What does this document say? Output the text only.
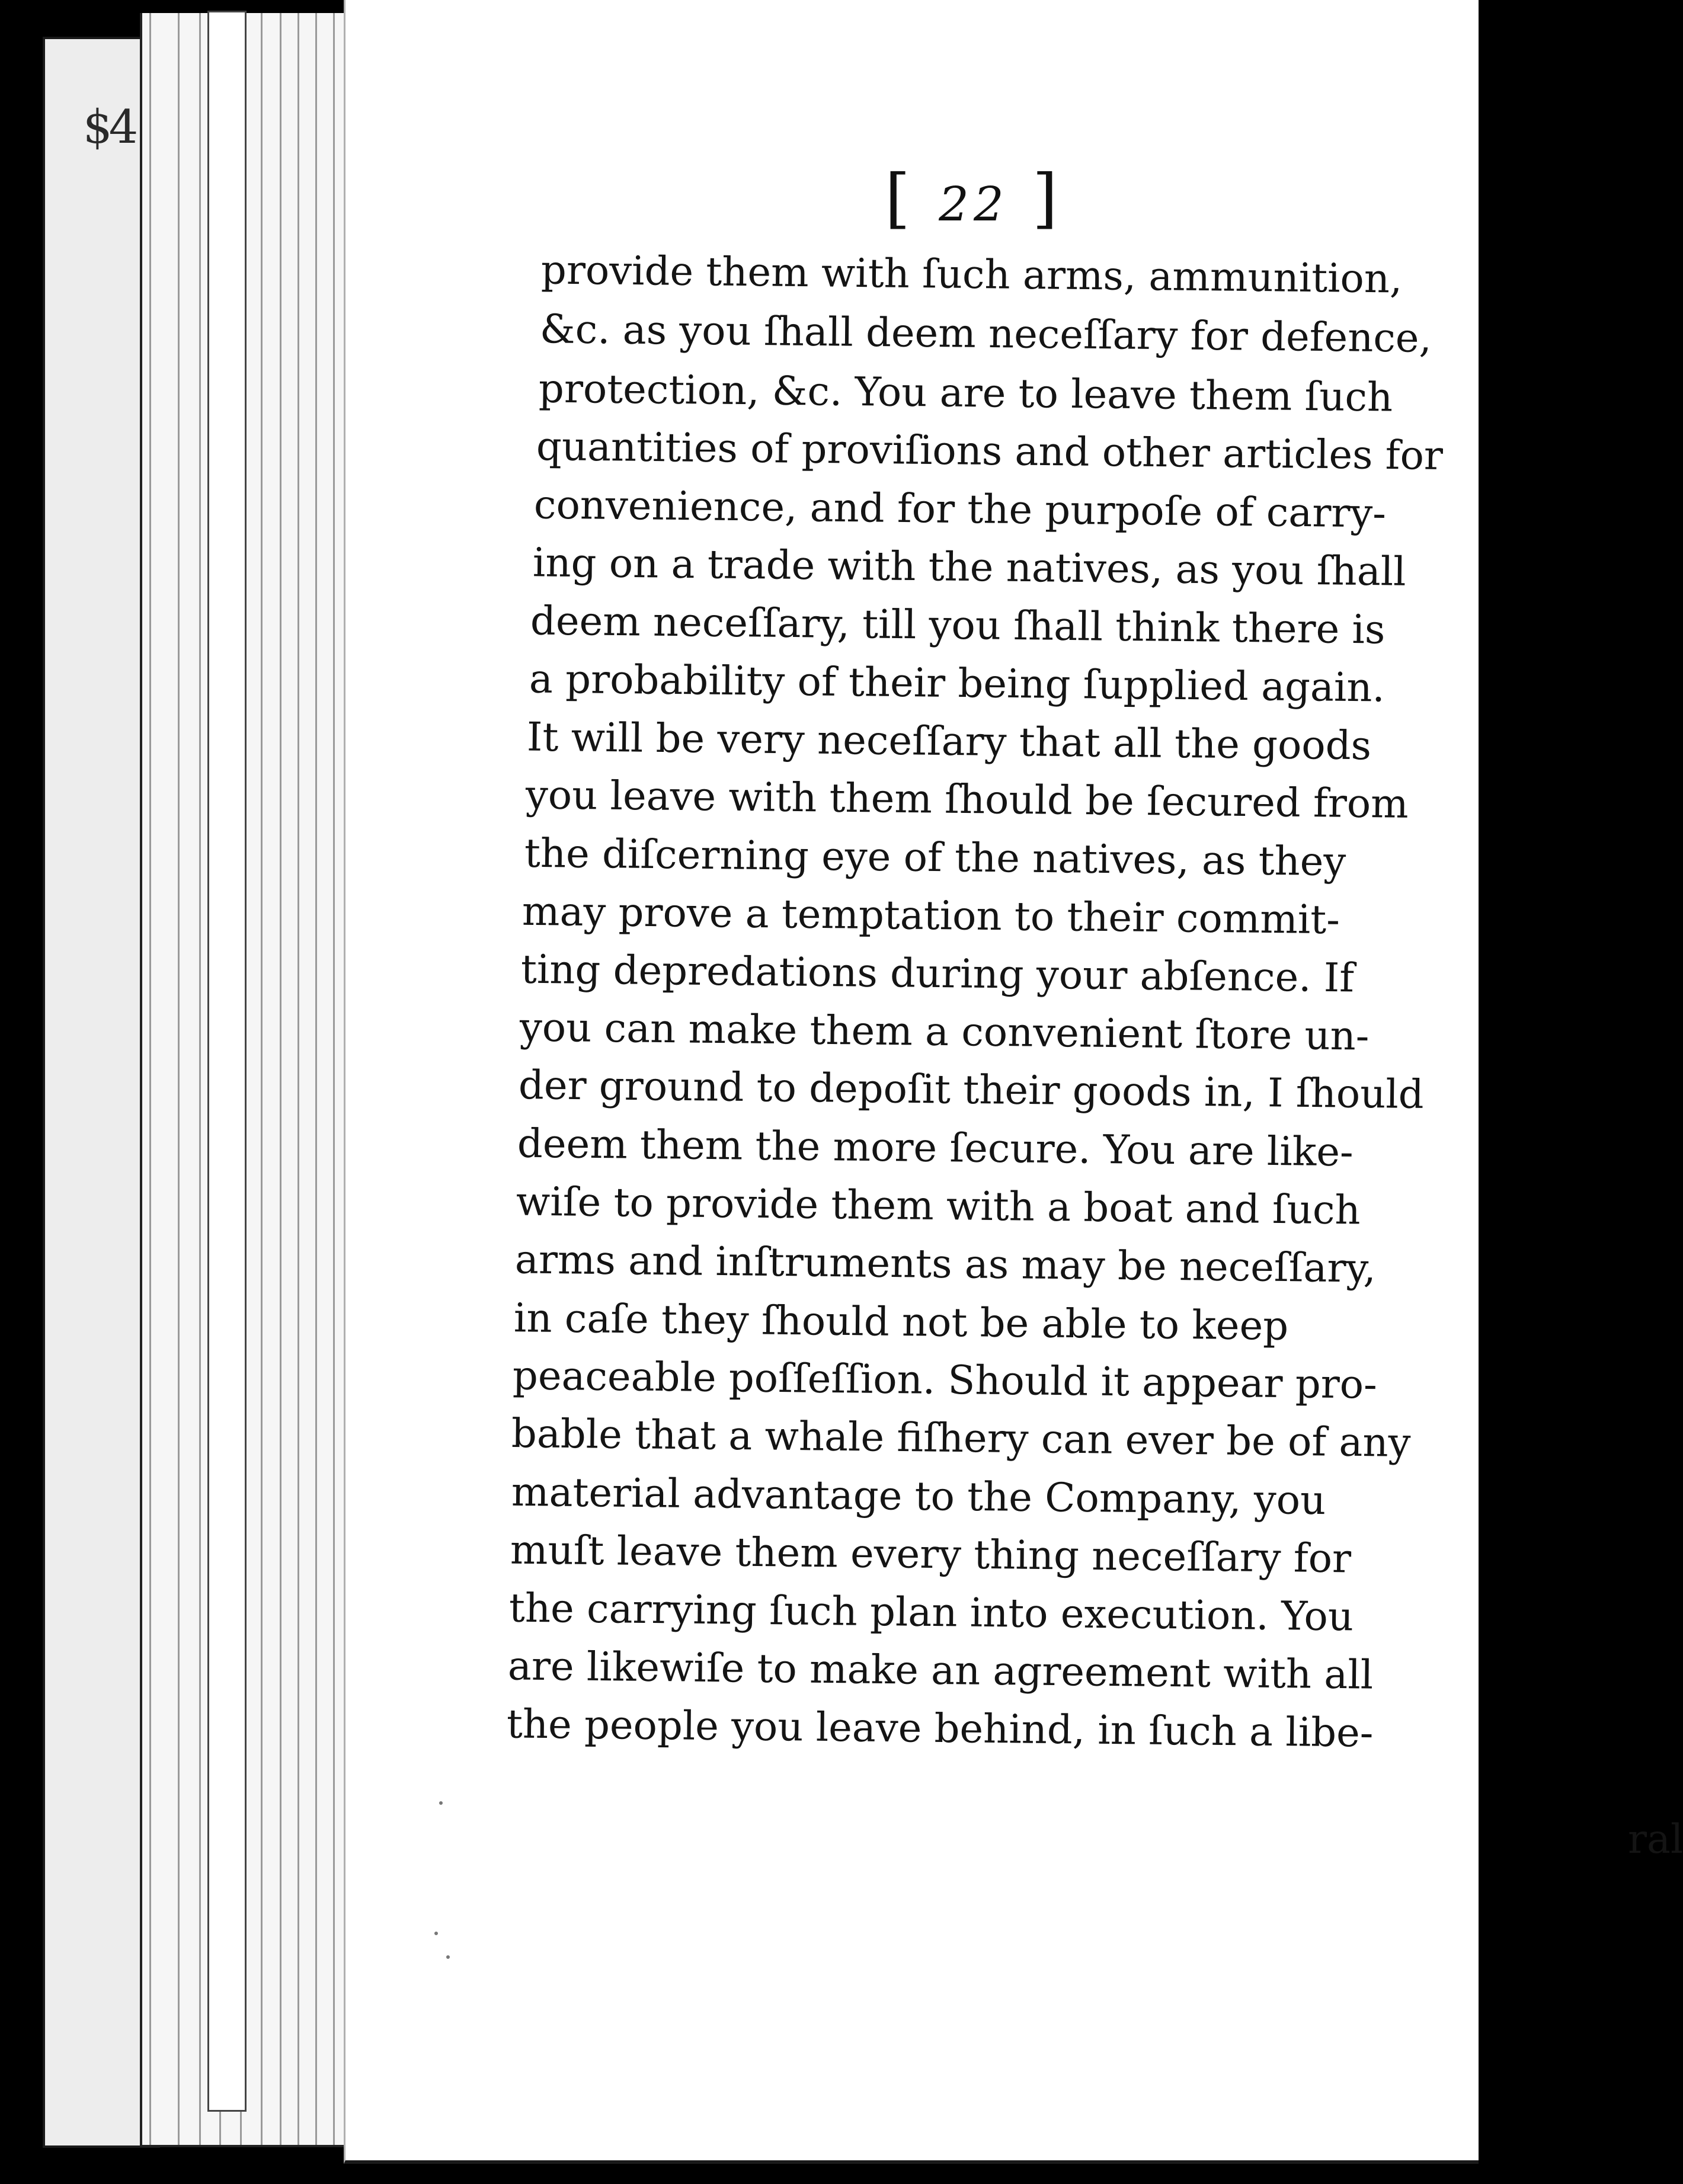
$4
[ 22 ]
provide them with ſuch arms, ammunition,
&c. as you ſhall deem neceſſary for defence,
protection, &c. You are to leave them ſuch
quantities of proviſions and other articles for
convenience, and for the purpoſe of carry-
ing on a trade with the natives, as you ſhall
deem neceſſary, till you ſhall think there is
a probability of their being ſupplied again.
It will be very neceſſary that all the goods
you leave with them ſhould be ſecured from
the diſcerning eye of the natives, as they
may prove a temptation to their commit-
ting depredations during your abſence. If
you can make them a convenient ſtore un-
der ground to depoſit their goods in, I ſhould
deem them the more ſecure. You are like-
wiſe to provide them with a boat and ſuch
arms and inſtruments as may be neceſſary,
in caſe they ſhould not be able to keep
peaceable poſſeſſion. Should it appear pro-
bable that a whale fiſhery can ever be of any
material advantage to the Company, you
muſt leave them every thing neceſſary for
the carrying ſuch plan into execution. You
are likewiſe to make an agreement with all
the people you leave behind, in ſuch a libe-
ral
